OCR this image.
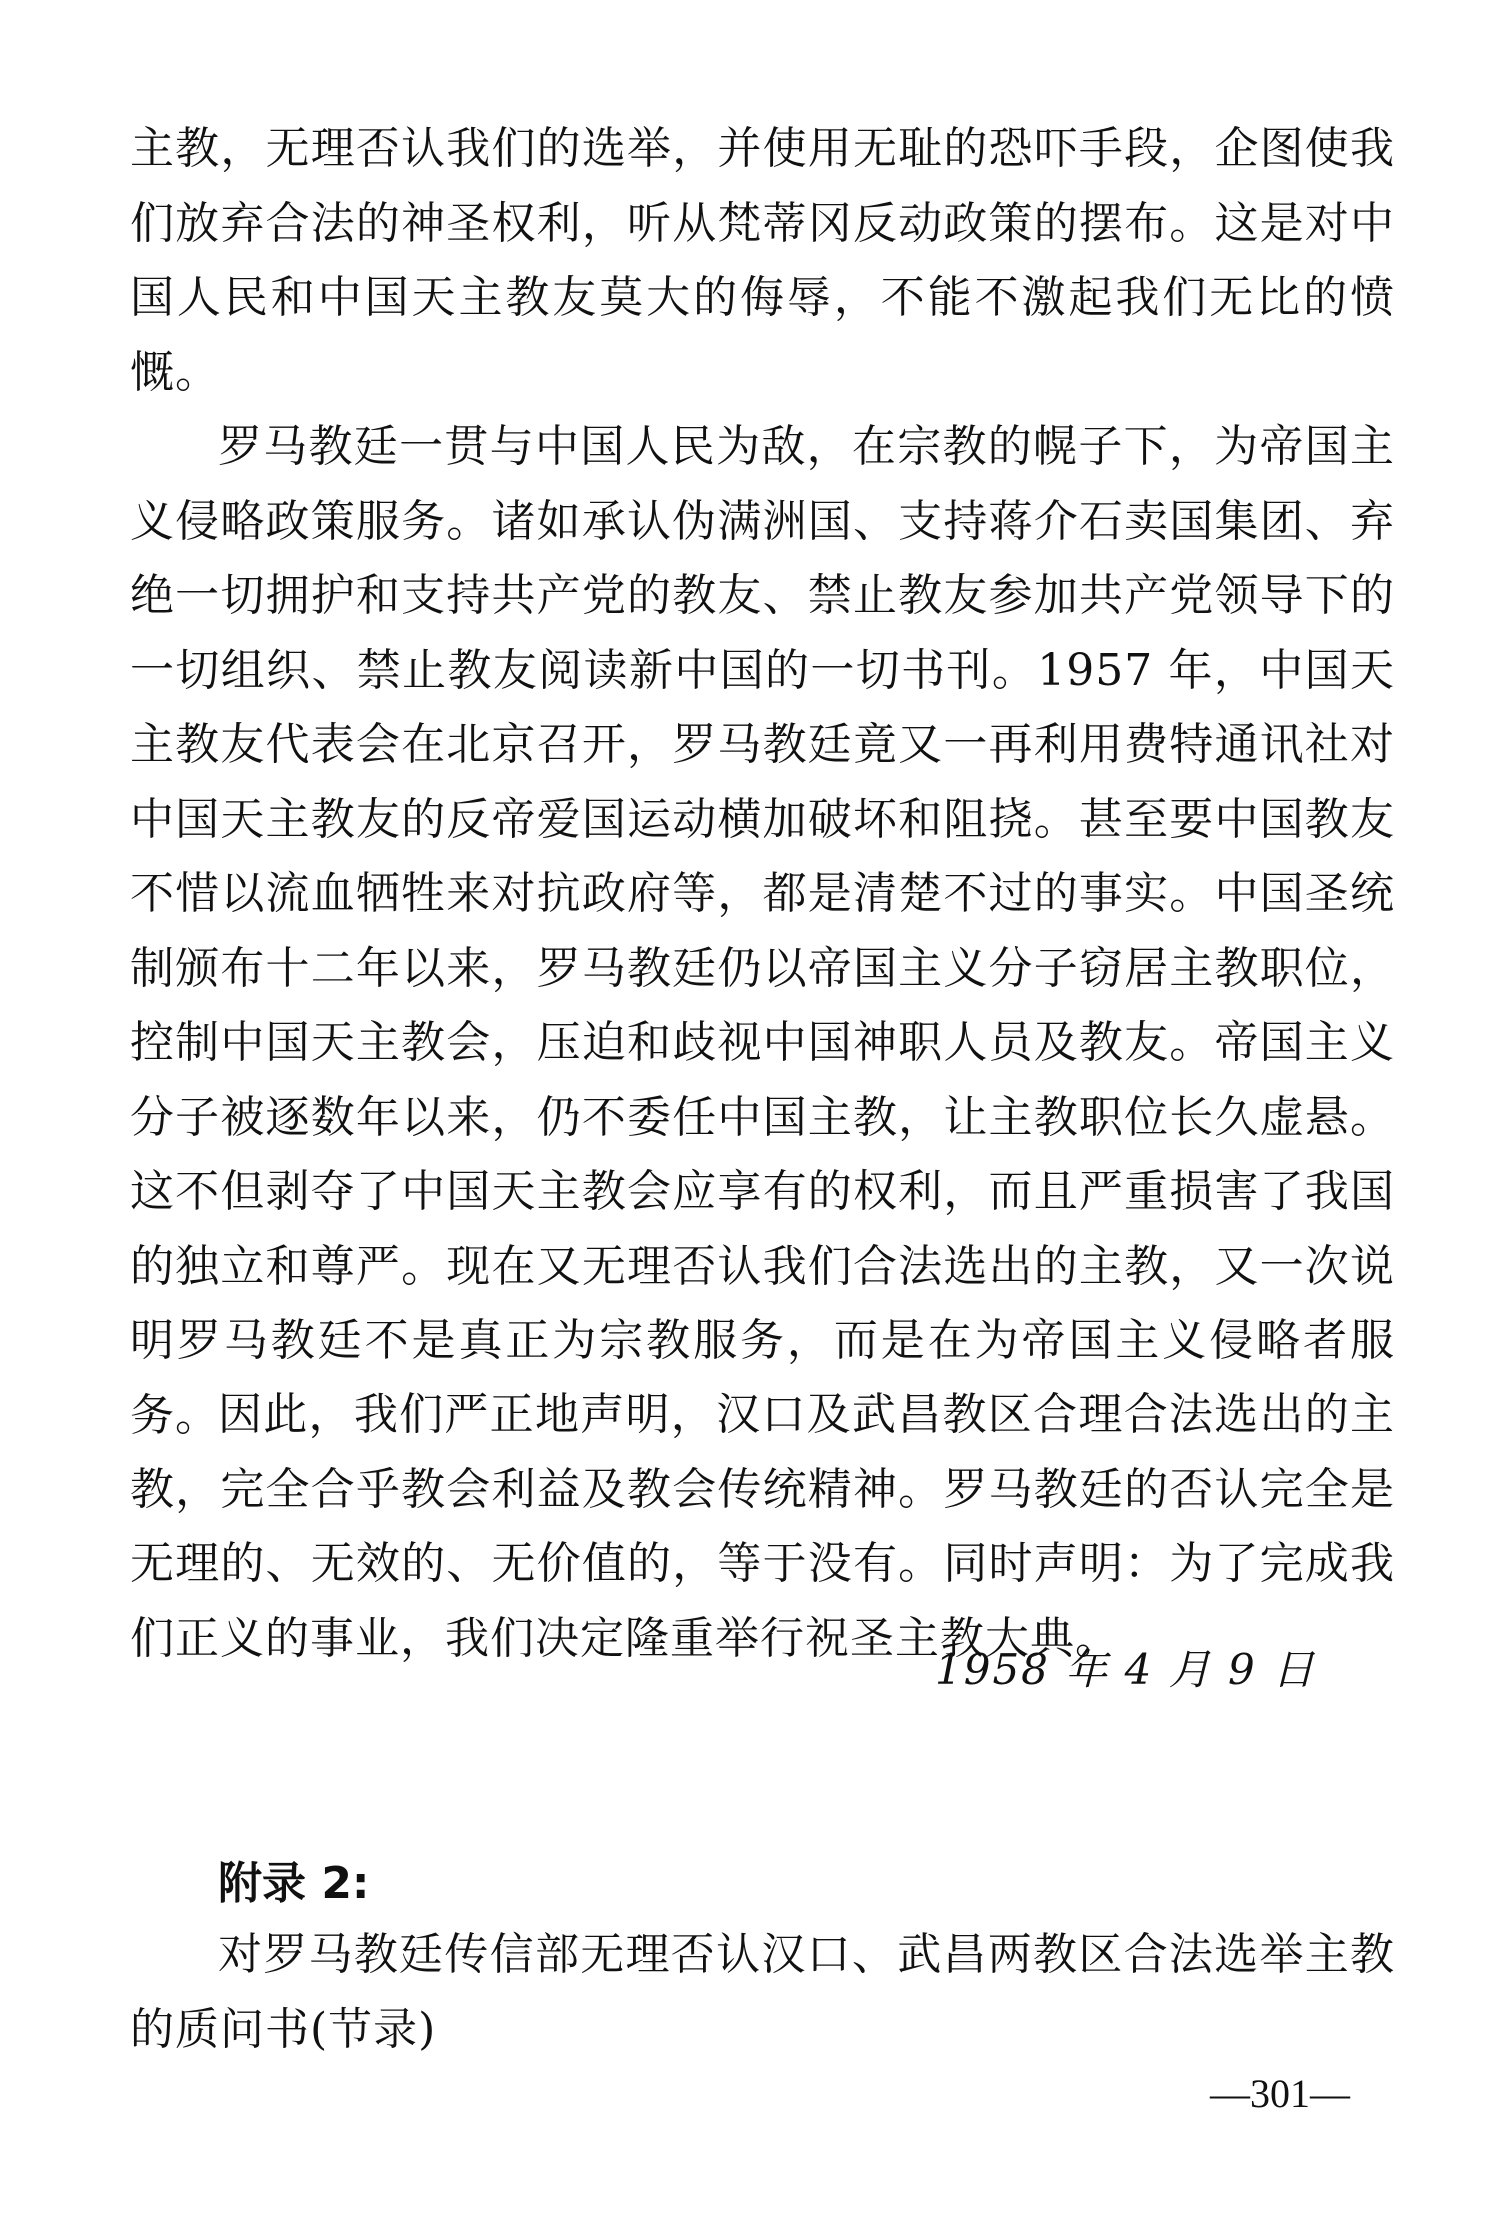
主教，无理否认我们的选举，并使用无耻的恐吓手段，企图使我们放弃合法的神圣权利，听从梵蒂冈反动政策的摆布。这是对中国人民和中国天主教友莫大的侮辱，不能不激起我们无比的愤慨。

罗马教廷一贯与中国人民为敌，在宗教的幌子下，为帝国主义侵略政策服务。诸如承认伪满洲国、支持蒋介石卖国集团、弃绝一切拥护和支持共产党的教友、禁止教友参加共产党领导下的一切组织、禁止教友阅读新中国的一切书刊。1957 年，中国天主教友代表会在北京召开，罗马教廷竟又一再利用费特通讯社对中国天主教友的反帝爱国运动横加破坏和阻挠。甚至要中国教友不惜以流血牺牲来对抗政府等，都是清楚不过的事实。中国圣统制颁布十二年以来，罗马教廷仍以帝国主义分子窃居主教职位，控制中国天主教会，压迫和歧视中国神职人员及教友。帝国主义分子被逐数年以来，仍不委任中国主教，让主教职位长久虚悬。这不但剥夺了中国天主教会应享有的权利，而且严重损害了我国的独立和尊严。现在又无理否认我们合法选出的主教，又一次说明罗马教廷不是真正为宗教服务，而是在为帝国主义侵略者服务。

因此，我们严正地声明，汉口及武昌教区合理合法选出的主教，完全合乎教会利益及教会传统精神。罗马教廷的否认完全是无理的、无效的、无价值的，等于没有。同时声明：为了完成我们正义的事业，我们决定隆重举行祝圣主教大典。

1958 年 4 月 9 日
附录 2:
对罗马教廷传信部无理否认汉口、武昌两教区合法选举主教的质问书(节录)
—301—
